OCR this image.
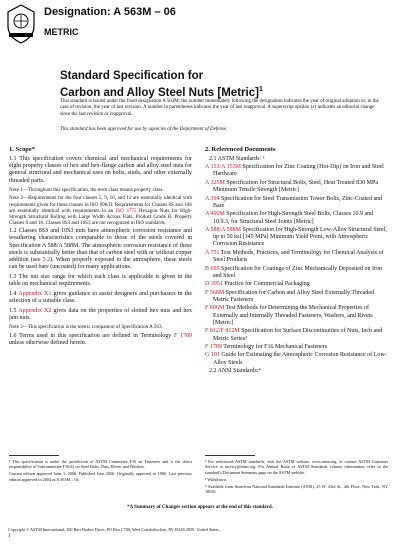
Designation: A 563M – 06
METRIC
Standard Specification for
Carbon and Alloy Steel Nuts [Metric]$^1$
This standard is issued under the fixed designation A 563M; the number immediately following the designation indicates the year of original adoption or, in the case of revision, the year of last revision. A number in parentheses indicates the year of last reapproval. A superscript epsilon (ε) indicates an editorial change since the last revision or reapproval.
This standard has been approved for use by agencies of the Department of Defense.

1. Scope*

1.1 This specification covers chemical and mechanical requirements for eight property classes of hex and hex-flange carbon and alloy steel nuts for general structural and mechanical uses on bolts, studs, and other externally threaded parts.

Note 1—Throughout this specification, the term class means property class.

Note 2—Requirements for the four classes 5, 9, 10, and 12 are essentially identical with requirements given for these classes in ISO 898/II. Requirements for Classes 8S and 10S are essentially identical with requirements in an ISO 4775 Hexagon Nuts for High-Strength Structural Bolting with Large Width Across Flats, Product Grade B, Property Classes 8 and 10. Classes 8S3 and 10S3 are not recognized in ISO standards.

1.2 Classes 8S3 and 10S3 nuts have atmospheric corrosion resistance and weathering characteristics comparable to those of the steels covered in Specification A 588/A 588M. The atmospheric corrosion resistance of these steels is substantially better than that of carbon steel with or without copper addition (see 5.2). When properly exposed to the atmosphere, these steels can be used bare (uncoated) for many applications.

1.3 The nut size range for which each class is applicable is given in the table on mechanical requirements.

1.4 Appendix X1 gives guidance to assist designers and purchasers in the selection of a suitable class.

1.5 Appendix X2 gives data on the properties of slotted hex nuts and hex jam nuts.

Note 3—This specification is the metric companion of Specification A 563.

1.6 Terms used in this specification are defined in Terminology F 1789 unless otherwise defined herein.

2. Referenced Documents

2.1 ASTM Standards: ²

A 153/A 153M Specification for Zinc Coating (Hot-Dip) on Iron and Steel Hardware

A 325M Specification for Structural Bolts, Steel, Heat Treated 830 MPa Minimum Tensile Strength [Metric]

A 394 Specification for Steel Transmission Tower Bolts, Zinc-Coated and Bare

A 490M Specification for High-Strength Steel Bolts, Classes 10.9 and 10.9.3, for Structural Steel Joints [Metric]

A 588/A 588M Specification for High-Strength Low-Alloy Structural Steel, up to 50 ksi [345 MPa] Minimum Yield Point, with Atmospheric Corrosion Resistance

A 751 Test Methods, Practices, and Terminology for Chemical Analysis of Steel Products

B 695 Specification for Coatings of Zinc Mechanically Deposited on Iron and Steel

D 3951 Practice for Commercial Packaging

F 568M Specification for Carbon and Alloy Steel Externally Threaded Metric Fasteners

F 606M Test Methods for Determining the Mechanical Properties of Externally and Internally Threaded Fasteners, Washers, and Rivets [Metric]

F 812/F 812M Specification for Surface Discontinuities of Nuts, Inch and Metric Series³

F 1789 Terminology for F16 Mechanical Fasteners

G 101 Guide for Estimating the Atmospheric Corrosion Resistance of Low-Alloy Steels

2.2 ANSI Standards:⁴

¹ This specification is under the jurisdiction of ASTM Committee F16 on Fasteners and is the direct responsibility of Subcommittee F16.02 on Steel Bolts, Nuts, Rivets and Washers.

Current edition approved June 1, 2006. Published June 2006. Originally approved in 1980. Last previous edition approved in 2004 as A 563M – 04.

² For referenced ASTM standards, visit the ASTM website, www.astm.org, or contact ASTM Customer Service at service@astm.org. For Annual Book of ASTM Standards volume information, refer to the standard's Document Summary page on the ASTM website.

³ Withdrawn.

⁴ Available from American National Standards Institute (ANSI), 25 W. 43rd St., 4th Floor, New York, NY 10036.

*A Summary of Changes section appears at the end of this standard.
Copyright © ASTM International, 100 Barr Harbor Drive, PO Box C700, West Conshohocken, PA 19428-2959, United States.
1
